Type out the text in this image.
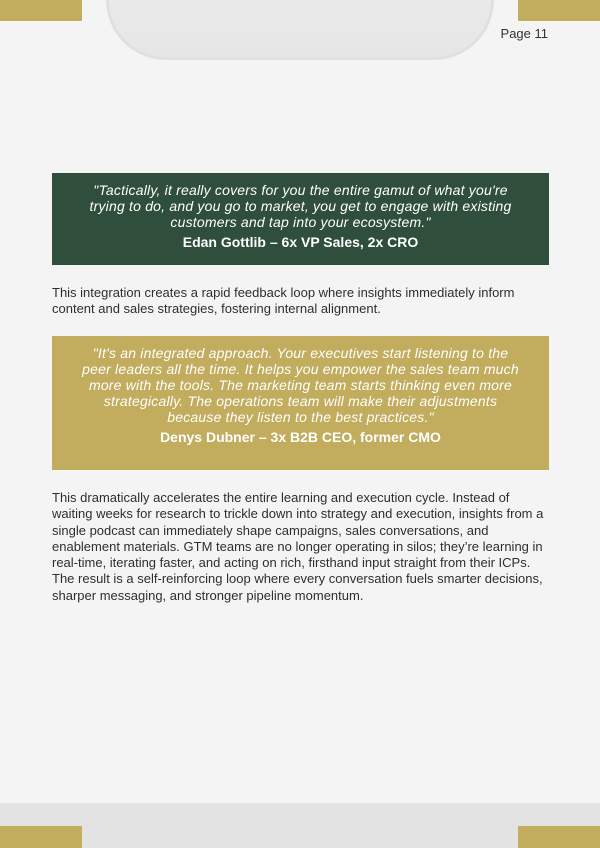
Page 11
"Tactically, it really covers for you the entire gamut of what you're trying to do, and you go to market, you get to engage with existing customers and tap into your ecosystem."
Edan Gottlib – 6x VP Sales, 2x CRO
This integration creates a rapid feedback loop where insights immediately inform content and sales strategies, fostering internal alignment.
"It's an integrated approach. Your executives start listening to the peer leaders all the time. It helps you empower the sales team much more with the tools. The marketing team starts thinking even more strategically. The operations team will make their adjustments because they listen to the best practices."
Denys Dubner – 3x B2B CEO, former CMO
This dramatically accelerates the entire learning and execution cycle. Instead of waiting weeks for research to trickle down into strategy and execution, insights from a single podcast can immediately shape campaigns, sales conversations, and enablement materials. GTM teams are no longer operating in silos; they’re learning in real-time, iterating faster, and acting on rich, firsthand input straight from their ICPs. The result is a self-reinforcing loop where every conversation fuels smarter decisions, sharper messaging, and stronger pipeline momentum.
